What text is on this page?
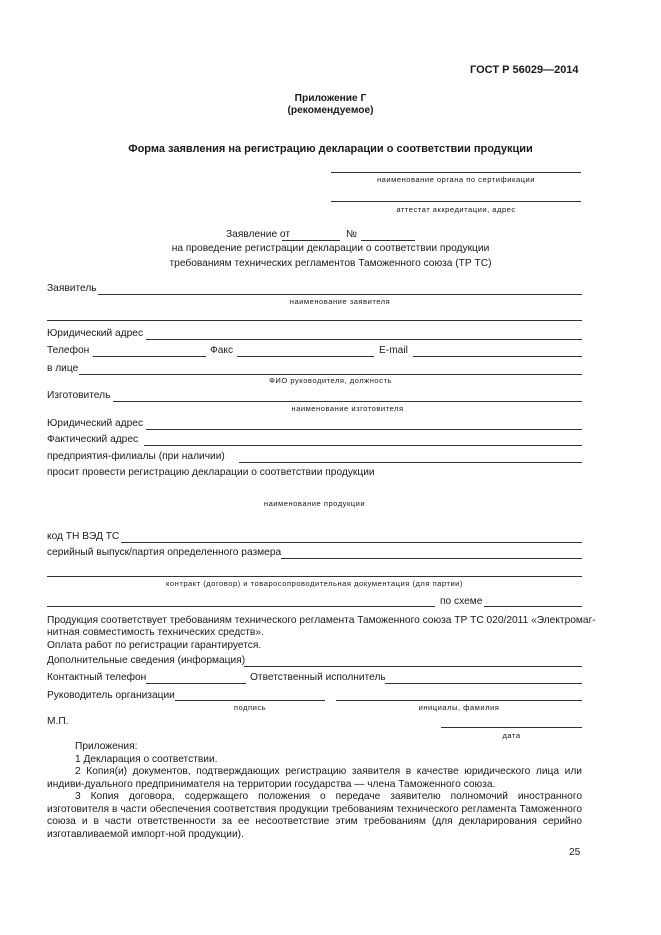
ГОСТ Р 56029—2014
Приложение Г
(рекомендуемое)
Форма заявления на регистрацию декларации о соответствии продукции
наименование органа по сертификации
аттестат аккредитации, адрес
Заявление от	№
на проведение регистрации декларации о соответствии продукции
требованиям технических регламентов Таможенного союза (ТР ТС)
Заявитель
наименование заявителя
Юридический адрес
Телефон	Факс	E-mail
в лице
ФИО руководителя, должность
Изготовитель
наименование изготовителя
Юридический адрес
Фактический адрес
предприятия-филиалы (при наличии)
просит провести регистрацию декларации о соответствии продукции
наименование продукции
код ТН ВЭД ТС
серийный выпуск/партия определенного размера
контракт (договор) и товаросопроводительная документация (для партии)
по схеме
Продукция соответствует требованиям технического регламента Таможенного союза ТР ТС 020/2011 «Электромаг-
нитная совместимость технических средств».
Оплата работ по регистрации гарантируется.
Дополнительные сведения (информация)
Контактный телефон	Ответственный исполнитель
Руководитель организации
подпись	инициалы, фамилия
М.П.
дата
Приложения:
1 Декларация о соответствии.
2 Копия(и) документов, подтверждающих регистрацию заявителя в качестве юридического лица или индиви-дуального предпринимателя на территории государства — члена Таможенного союза.
3 Копия договора, содержащего положения о передаче заявителю полномочий иностранного изготовителя в части обеспечения соответствия продукции требованиям технического регламента Таможенного союза и в части ответственности за ее несоответствие этим требованиям (для декларирования серийно изготавливаемой импорт-ной продукции).
25
